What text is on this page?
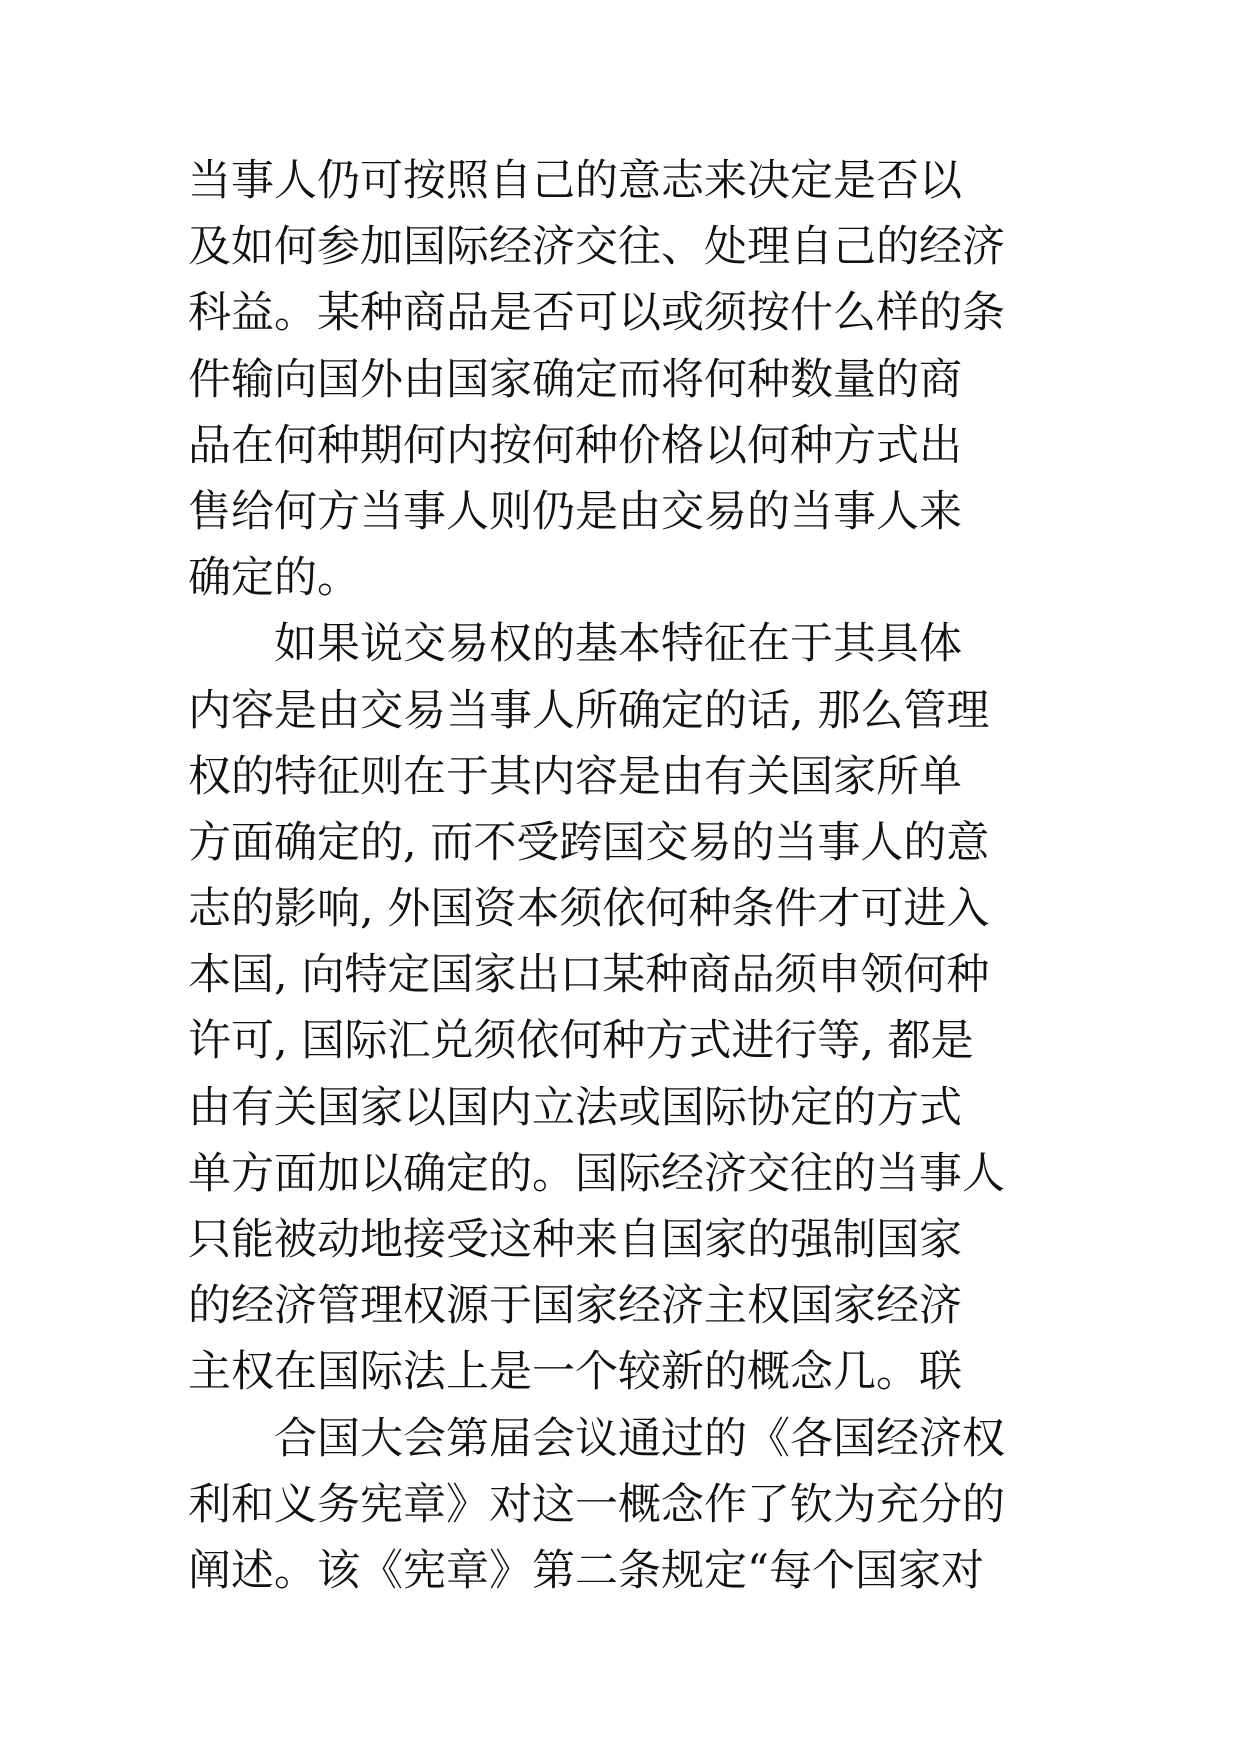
当事人仍可按照自己的意志来决定是否以
及如何参加国际经济交往、处理自己的经济
科益。某种商品是否可以或须按什么样的条
件输向国外由国家确定而将何种数量的商
品在何种期何内按何种价格以何种方式出
售给何方当事人则仍是由交易的当事人来
确定的。
　　如果说交易权的基本特征在于其具体
内容是由交易当事人所确定的话, 那么管理
权的特征则在于其内容是由有关国家所单
方面确定的, 而不受跨国交易的当事人的意
志的影响, 外国资本须依何种条件才可进入
本国, 向特定国家出口某种商品须申领何种
许可, 国际汇兑须依何种方式进行等, 都是
由有关国家以国内立法或国际协定的方式
单方面加以确定的。国际经济交往的当事人
只能被动地接受这种来自国家的强制国家
的经济管理权源于国家经济主权国家经济
主权在国际法上是一个较新的概念几。联
　　合国大会第届会议通过的《各国经济权
利和义务宪章》对这一概念作了钦为充分的
阐述。该《宪章》第二条规定“每个国家对
